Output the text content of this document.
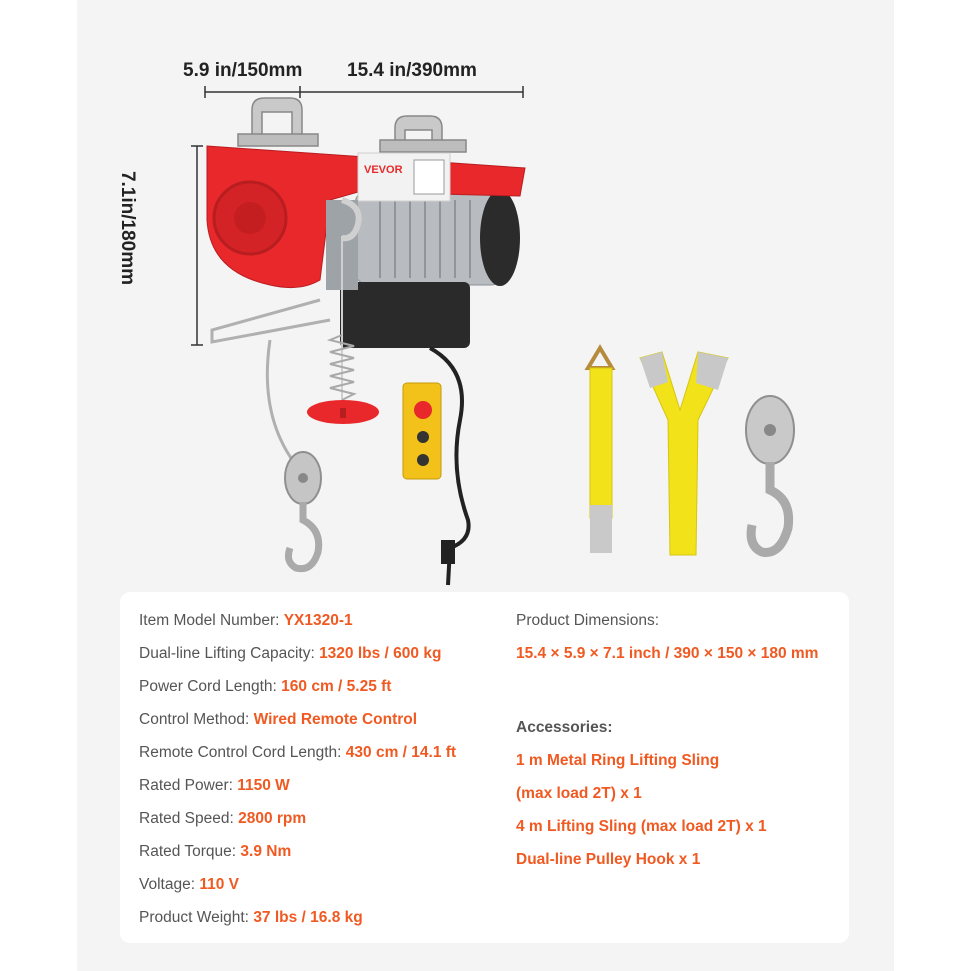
5.9 in/150mm 15.4 in/390mm
7.1in/180mm
VEVOR
Item Model Number: YX1320-1
Dual-line Lifting Capacity: 1320 lbs / 600 kg
Power Cord Length: 160 cm / 5.25 ft
Control Method: Wired Remote Control
Remote Control Cord Length: 430 cm / 14.1 ft
Rated Power: 1150 W
Rated Speed: 2800 rpm
Rated Torque: 3.9 Nm
Voltage: 110 V
Product Weight: 37 lbs / 16.8 kg
Product Dimensions:
15.4 × 5.9 × 7.1 inch / 390 × 150 × 180 mm
Accessories:
1 m Metal Ring Lifting Sling
(max load 2T) x 1
4 m Lifting Sling (max load 2T) x 1
Dual-line Pulley Hook x 1
